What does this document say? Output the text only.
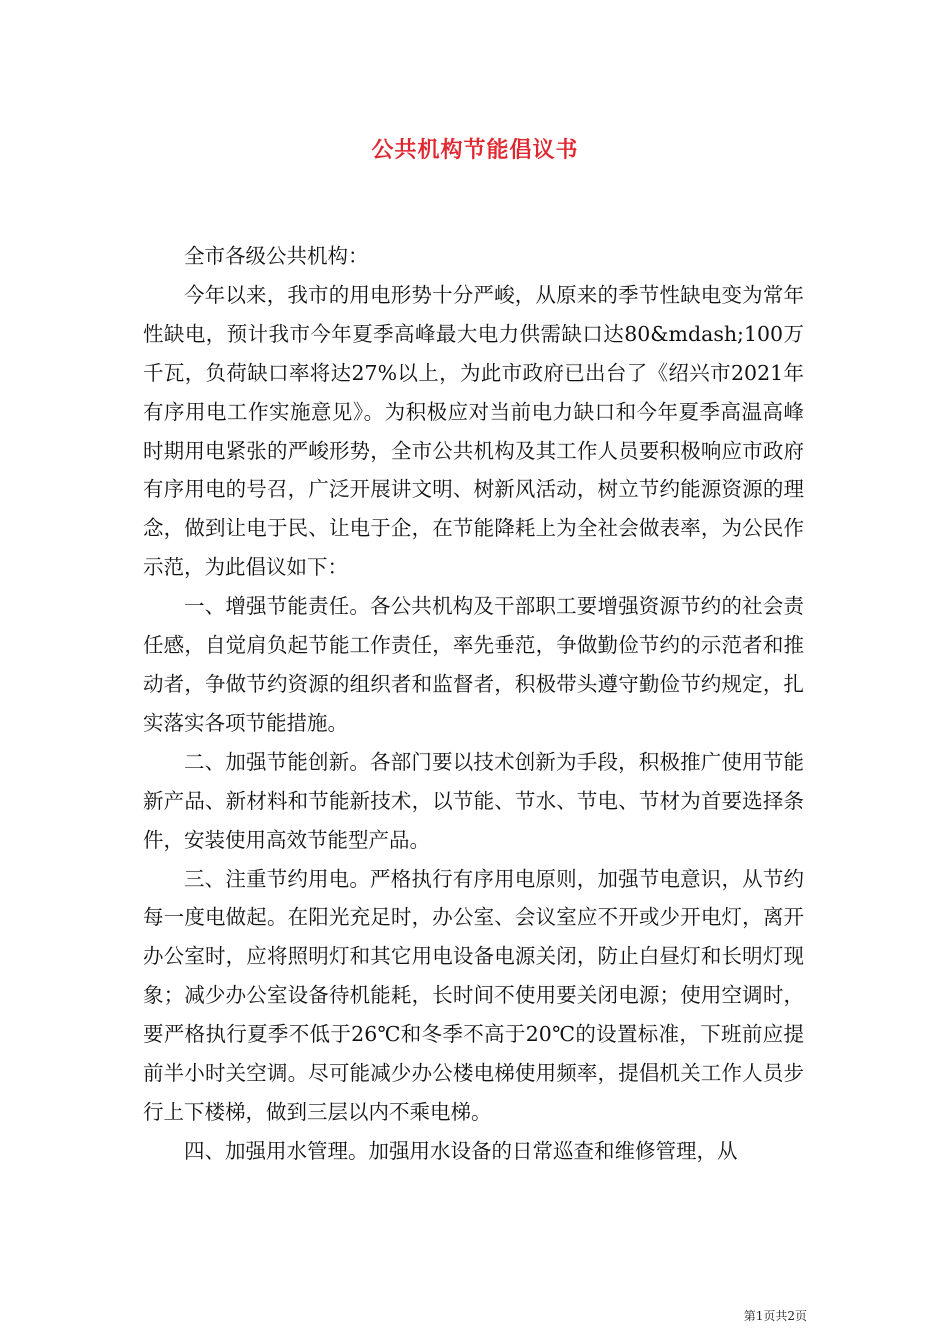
公共机构节能倡议书

全市各级公共机构：

今年以来，我市的用电形势十分严峻，从原来的季节性缺电变为常年性缺电，预计我市今年夏季高峰最大电力供需缺口达80&mdash;100万千瓦，负荷缺口率将达27%以上，为此市政府已出台了《绍兴市2021年有序用电工作实施意见》。为积极应对当前电力缺口和今年夏季高温高峰时期用电紧张的严峻形势，全市公共机构及其工作人员要积极响应市政府有序用电的号召，广泛开展讲文明、树新风活动，树立节约能源资源的理念，做到让电于民、让电于企，在节能降耗上为全社会做表率，为公民作示范，为此倡议如下：

一、增强节能责任。各公共机构及干部职工要增强资源节约的社会责任感，自觉肩负起节能工作责任，率先垂范，争做勤俭节约的示范者和推动者，争做节约资源的组织者和监督者，积极带头遵守勤俭节约规定，扎实落实各项节能措施。

二、加强节能创新。各部门要以技术创新为手段，积极推广使用节能新产品、新材料和节能新技术，以节能、节水、节电、节材为首要选择条件，安装使用高效节能型产品。

三、注重节约用电。严格执行有序用电原则，加强节电意识，从节约每一度电做起。在阳光充足时，办公室、会议室应不开或少开电灯，离开办公室时，应将照明灯和其它用电设备电源关闭，防止白昼灯和长明灯现象；减少办公室设备待机能耗，长时间不使用要关闭电源；使用空调时，要严格执行夏季不低于26℃和冬季不高于20℃的设置标准，下班前应提前半小时关空调。尽可能减少办公楼电梯使用频率，提倡机关工作人员步行上下楼梯，做到三层以内不乘电梯。

四、加强用水管理。加强用水设备的日常巡查和维修管理，从

第1页共2页
